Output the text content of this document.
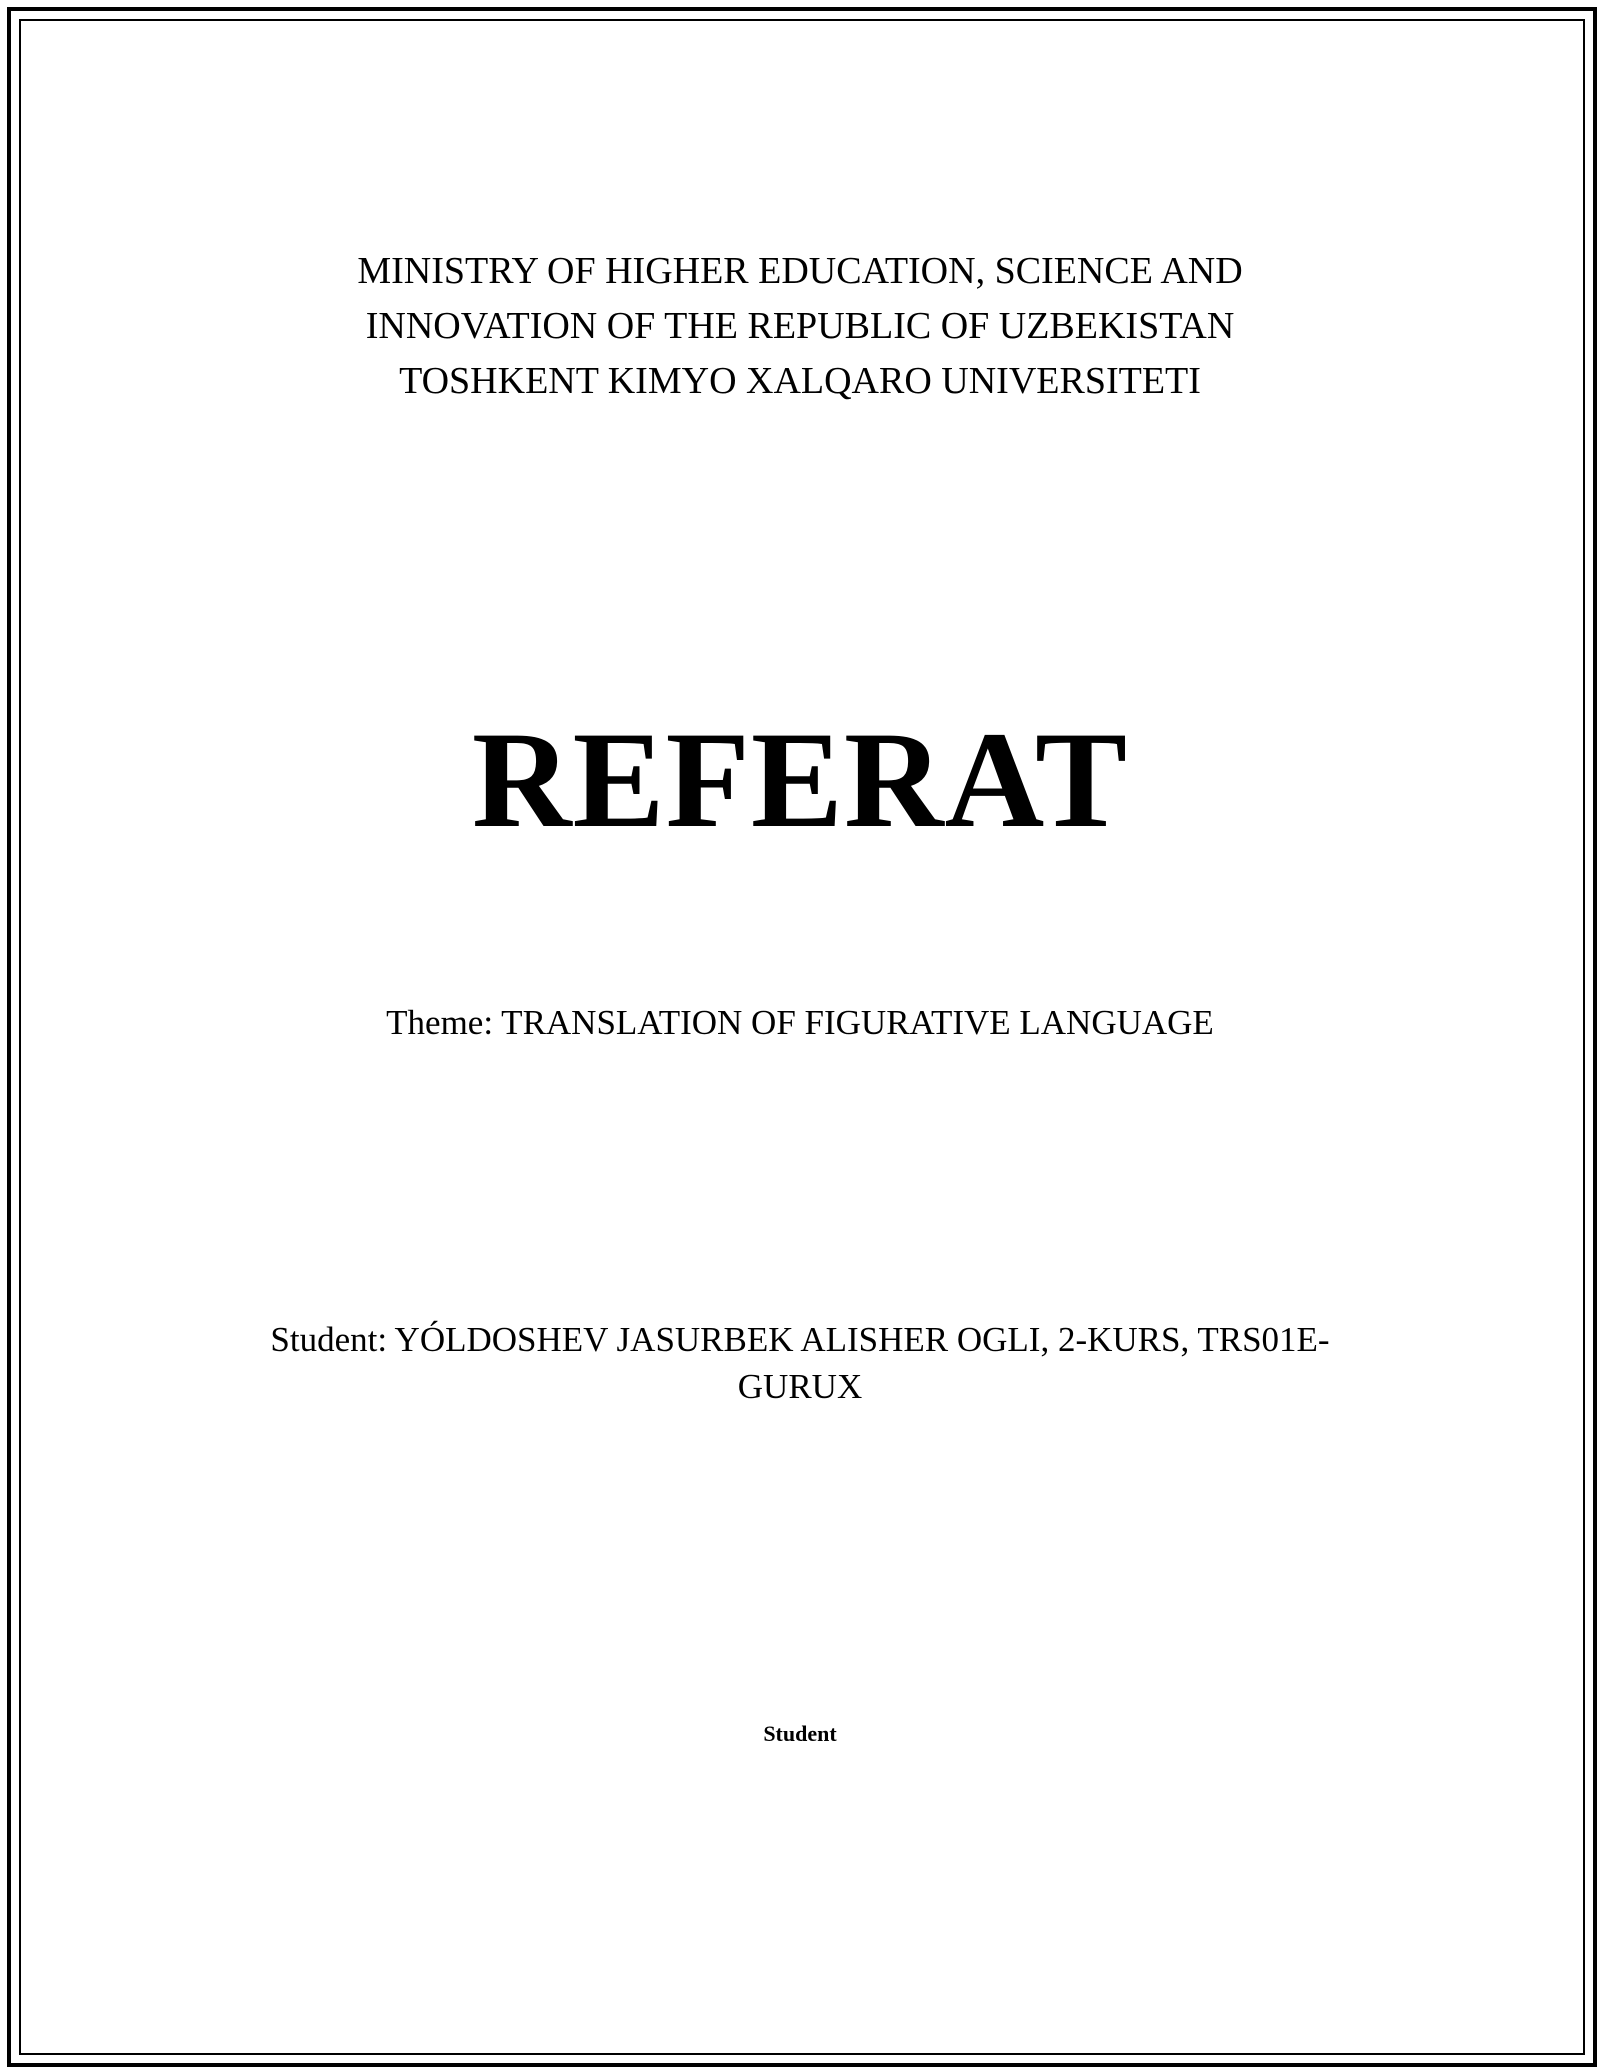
MINISTRY OF HIGHER EDUCATION, SCIENCE AND
INNOVATION OF THE REPUBLIC OF UZBEKISTAN
TOSHKENT KIMYO XALQARO UNIVERSITETI
REFERAT
Theme: TRANSLATION OF FIGURATIVE LANGUAGE
Student: YÓLDOSHEV JASURBEK ALISHER OGLI, 2-KURS, TRS01E-
GURUX
Student
